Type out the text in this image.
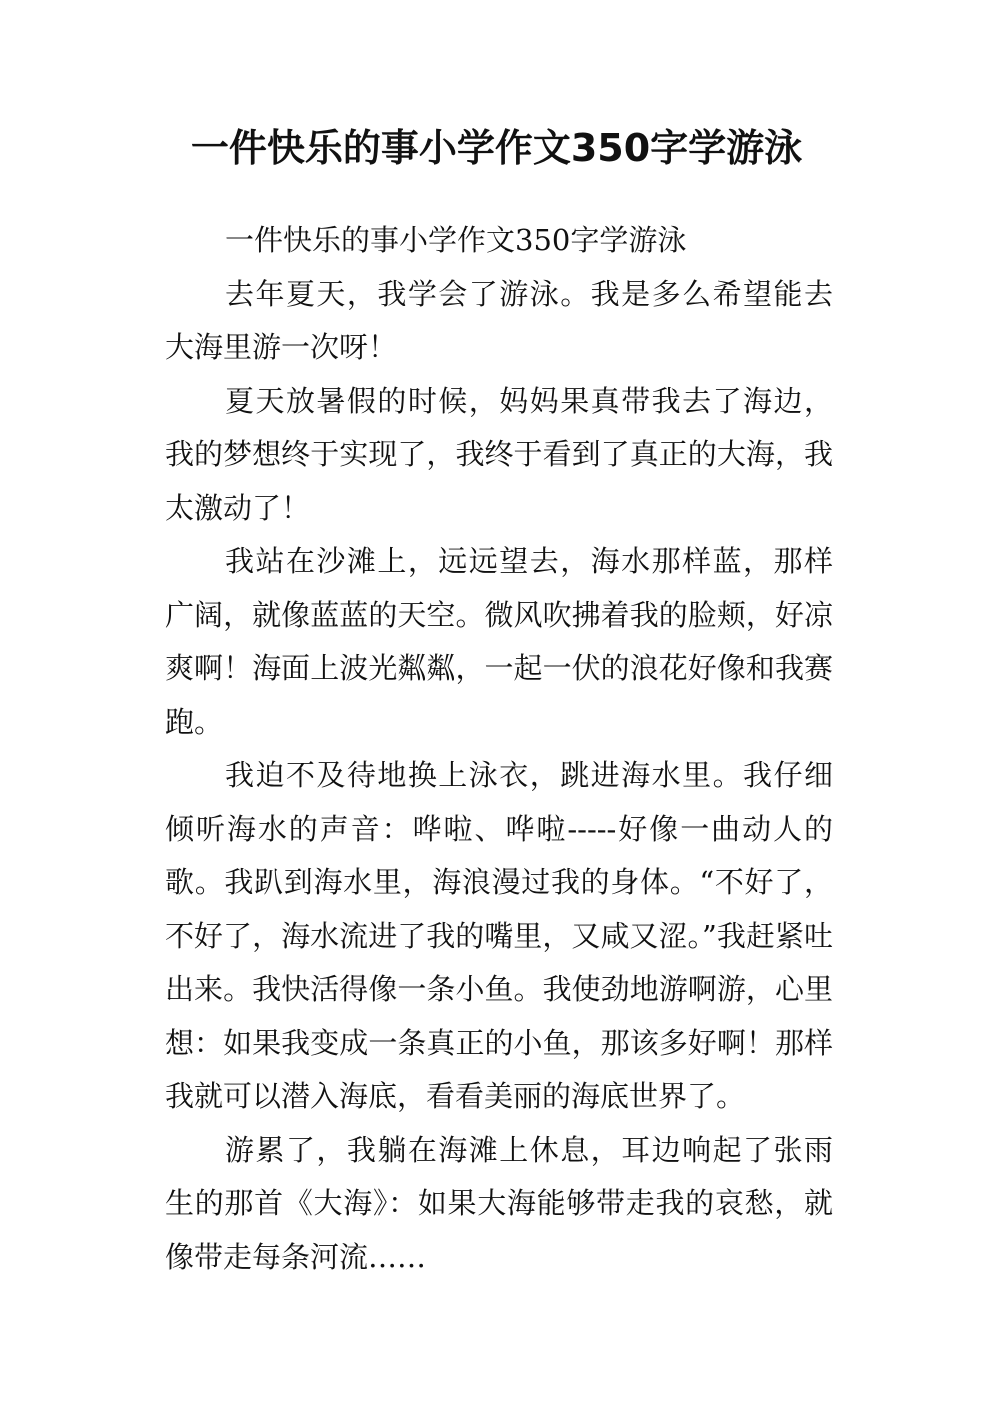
一件快乐的事小学作文350字学游泳

一件快乐的事小学作文350字学游泳

去年夏天，我学会了游泳。我是多么希望能去大海里游一次呀！

夏天放暑假的时候，妈妈果真带我去了海边，我的梦想终于实现了，我终于看到了真正的大海，我太激动了！

我站在沙滩上，远远望去，海水那样蓝，那样广阔，就像蓝蓝的天空。微风吹拂着我的脸颊，好凉爽啊！海面上波光粼粼，一起一伏的浪花好像和我赛跑。

我迫不及待地换上泳衣，跳进海水里。我仔细倾听海水的声音：哗啦、哗啦-----好像一曲动人的歌。我趴到海水里，海浪漫过我的身体。“不好了，不好了，海水流进了我的嘴里，又咸又涩。”我赶紧吐出来。我快活得像一条小鱼。我使劲地游啊游，心里想：如果我变成一条真正的小鱼，那该多好啊！那样我就可以潜入海底，看看美丽的海底世界了。

游累了，我躺在海滩上休息，耳边响起了张雨生的那首《大海》：如果大海能够带走我的哀愁，就像带走每条河流……
